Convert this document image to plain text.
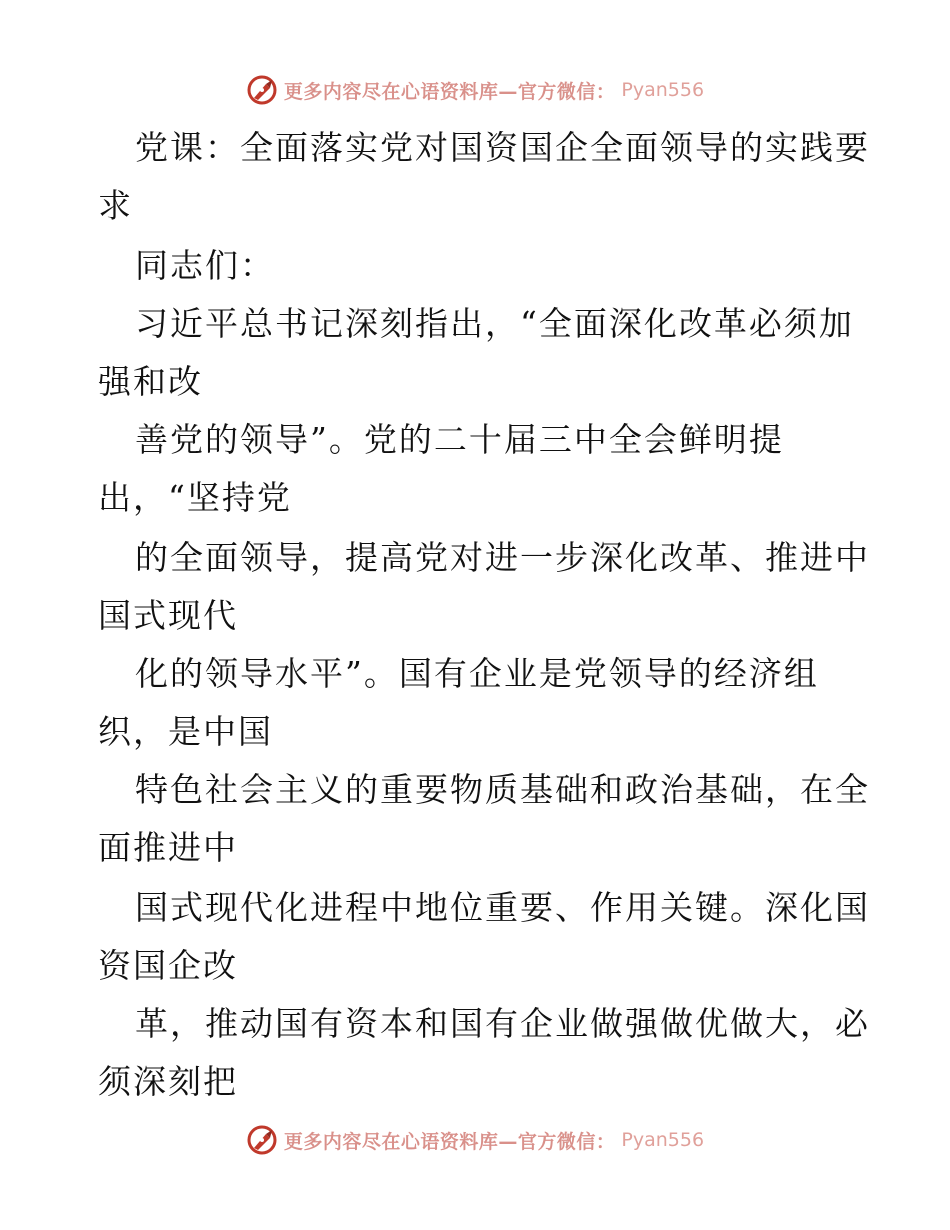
更多内容尽在心语资料库—官方微信： Pyan556
党课：全面落实党对国资国企全面领导的实践要
求
同志们：
习近平总书记深刻指出，“全面深化改革必须加
强和改
善党的领导”。党的二十届三中全会鲜明提
出，“坚持党
的全面领导，提高党对进一步深化改革、推进中
国式现代
化的领导水平”。国有企业是党领导的经济组
织，是中国
特色社会主义的重要物质基础和政治基础，在全
面推进中
国式现代化进程中地位重要、作用关键。深化国
资国企改
革，推动国有资本和国有企业做强做优做大，必
须深刻把
更多内容尽在心语资料库—官方微信： Pyan556
